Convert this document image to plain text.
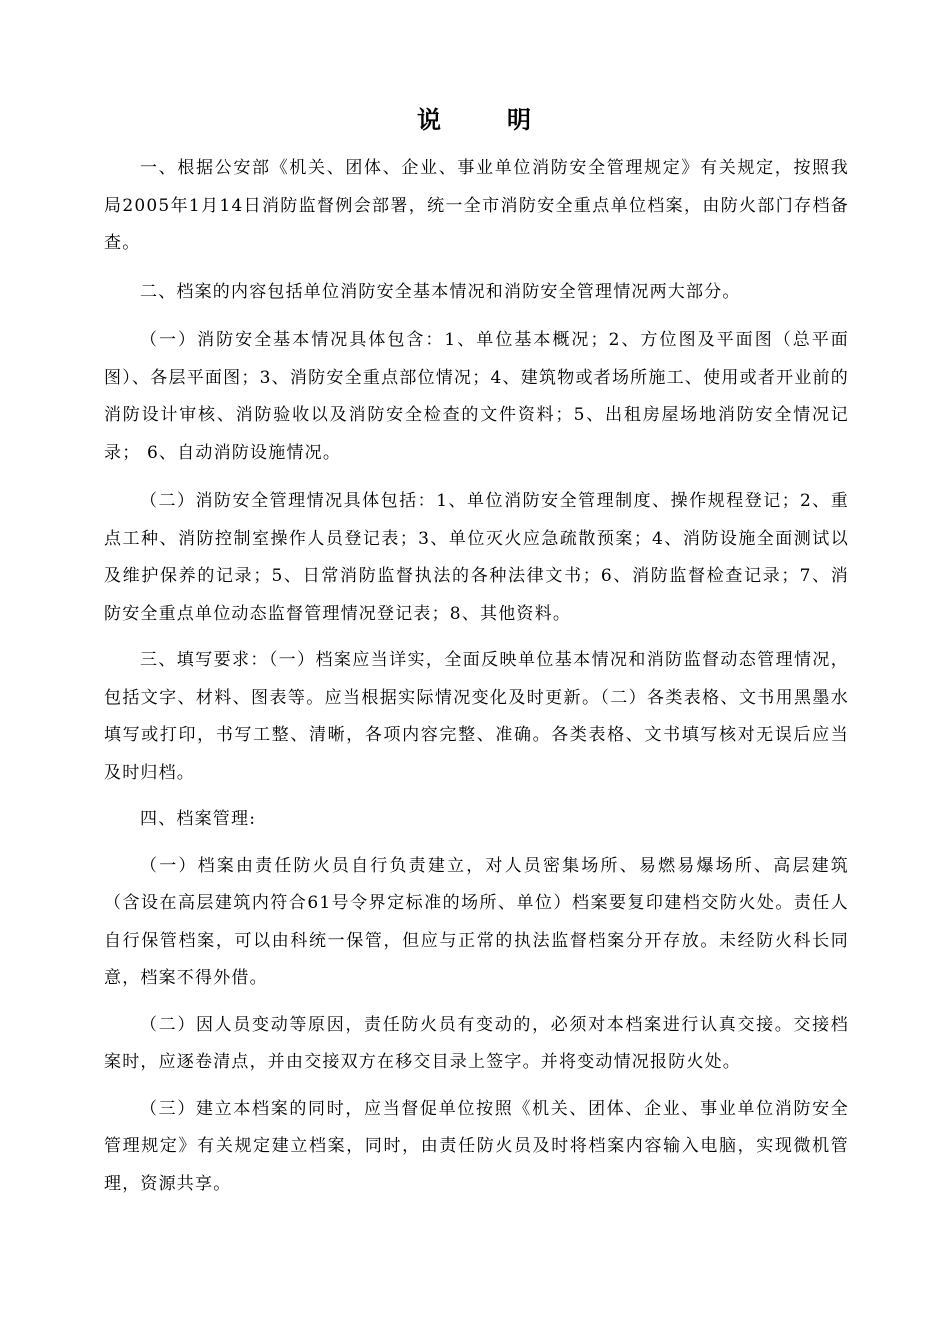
说	明

一、根据公安部《机关、团体、企业、事业单位消防安全管理规定》有关规定，按照我局2005年1月14日消防监督例会部署，统一全市消防安全重点单位档案，由防火部门存档备查。

二、档案的内容包括单位消防安全基本情况和消防安全管理情况两大部分。

（一）消防安全基本情况具体包含：1、单位基本概况；2、方位图及平面图（总平面图）、各层平面图；3、消防安全重点部位情况；4、建筑物或者场所施工、使用或者开业前的消防设计审核、消防验收以及消防安全检查的文件资料；5、出租房屋场地消防安全情况记录； 6、自动消防设施情况。

（二）消防安全管理情况具体包括：1、单位消防安全管理制度、操作规程登记；2、重点工种、消防控制室操作人员登记表；3、单位灭火应急疏散预案；4、消防设施全面测试以及维护保养的记录；5、日常消防监督执法的各种法律文书；6、消防监督检查记录；7、消防安全重点单位动态监督管理情况登记表；8、其他资料。

三、填写要求：（一）档案应当详实，全面反映单位基本情况和消防监督动态管理情况，包括文字、材料、图表等。应当根据实际情况变化及时更新。（二）各类表格、文书用黑墨水填写或打印，书写工整、清晰，各项内容完整、准确。各类表格、文书填写核对无误后应当及时归档。

四、档案管理:

（一）档案由责任防火员自行负责建立，对人员密集场所、易燃易爆场所、高层建筑（含设在高层建筑内符合61号令界定标准的场所、单位）档案要复印建档交防火处。责任人自行保管档案，可以由科统一保管，但应与正常的执法监督档案分开存放。未经防火科长同意，档案不得外借。

（二）因人员变动等原因，责任防火员有变动的，必须对本档案进行认真交接。交接档案时，应逐卷清点，并由交接双方在移交目录上签字。并将变动情况报防火处。

（三）建立本档案的同时，应当督促单位按照《机关、团体、企业、事业单位消防安全管理规定》有关规定建立档案，同时，由责任防火员及时将档案内容输入电脑，实现微机管理，资源共享。
